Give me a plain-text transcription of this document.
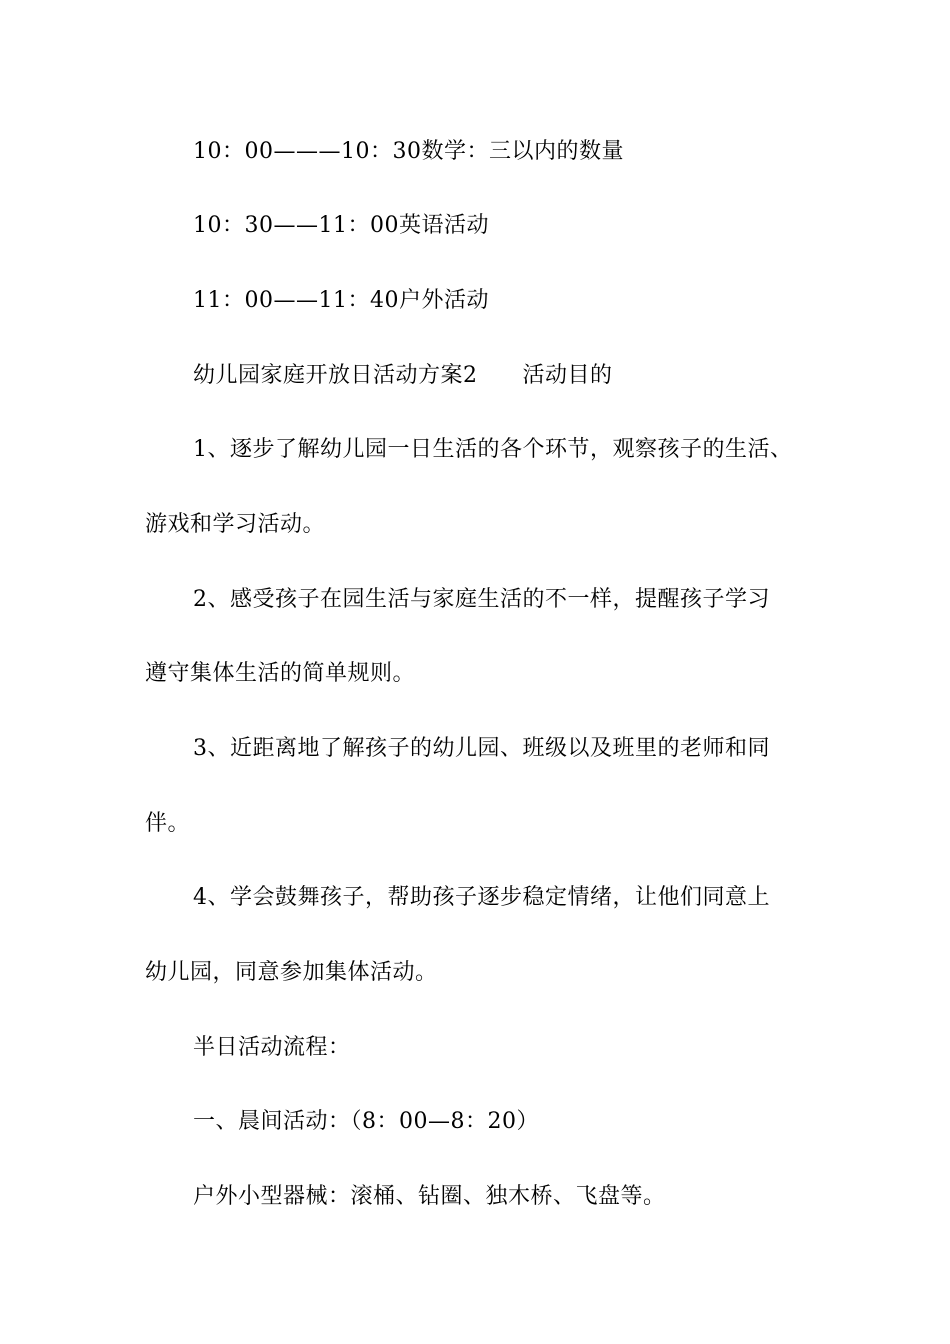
10：00———10：30数学：三以内的数量
10：30——11：00英语活动
11：00——11：40户外活动
幼儿园家庭开放日活动方案2　　活动目的
1、逐步了解幼儿园一日生活的各个环节，观察孩子的生活、
游戏和学习活动。
2、感受孩子在园生活与家庭生活的不一样，提醒孩子学习
遵守集体生活的简单规则。
3、近距离地了解孩子的幼儿园、班级以及班里的老师和同
伴。
4、学会鼓舞孩子，帮助孩子逐步稳定情绪，让他们同意上
幼儿园，同意参加集体活动。
半日活动流程：
一、晨间活动：（8：00—8：20）
户外小型器械：滚桶、钻圈、独木桥、飞盘等。
